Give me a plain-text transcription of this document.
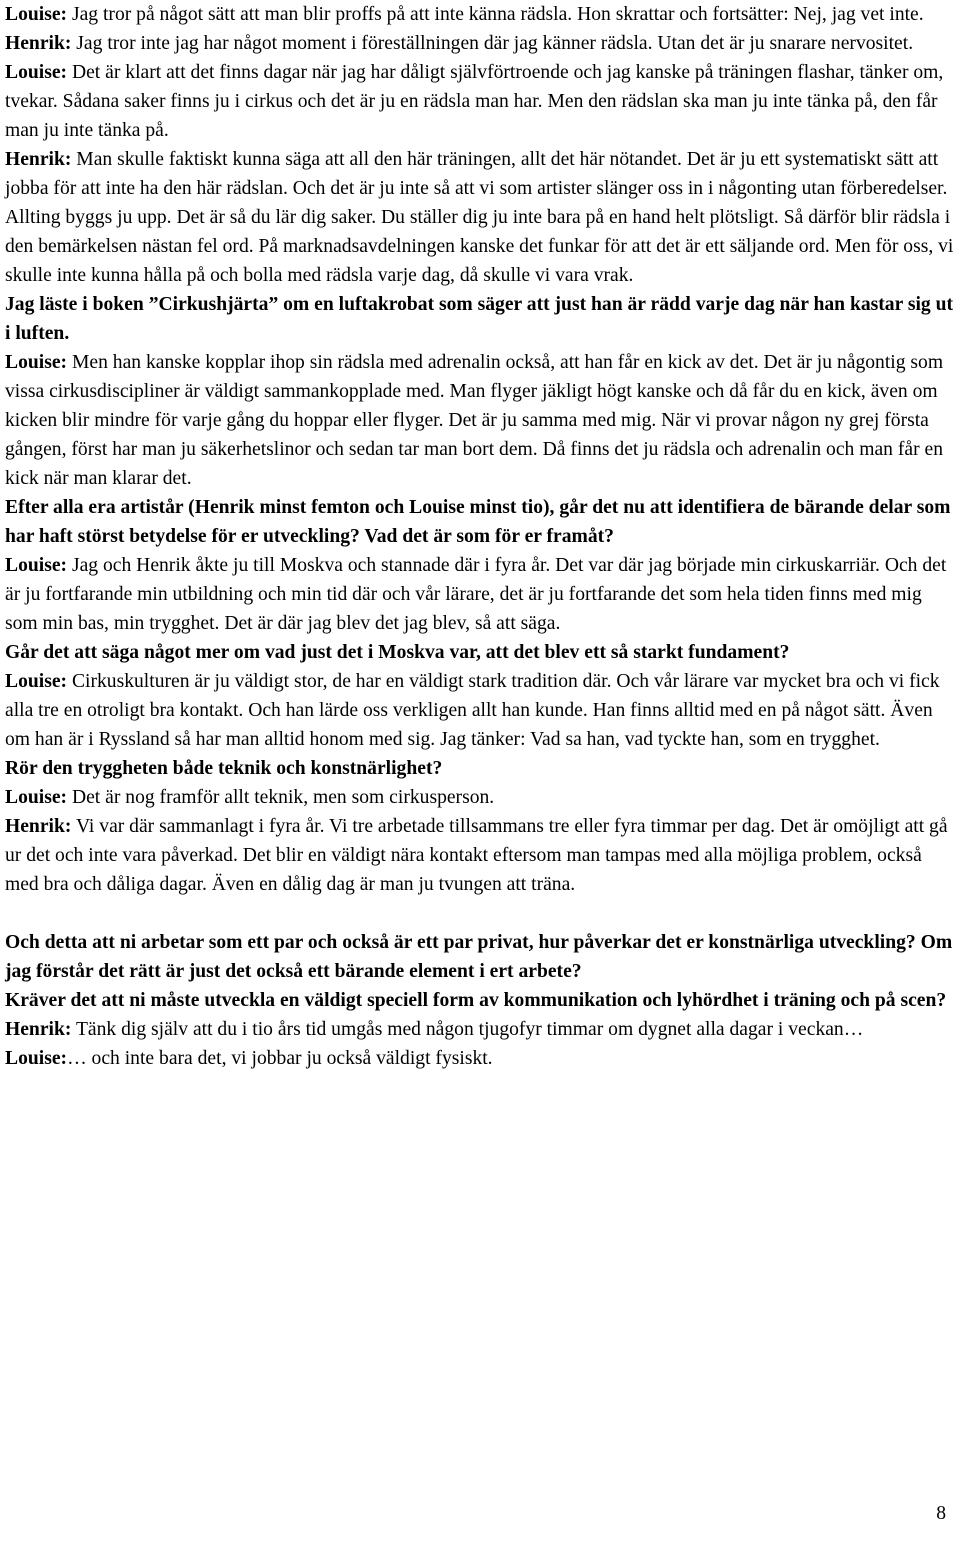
Louise: Jag tror på något sätt att man blir proffs på att inte känna rädsla. Hon skrattar och fortsätter: Nej, jag vet inte.

Henrik: Jag tror inte jag har något moment i föreställningen där jag känner rädsla. Utan det är ju snarare nervositet.

Louise: Det är klart att det finns dagar när jag har dåligt självförtroende och jag kanske på träningen flashar, tänker om, tvekar. Sådana saker finns ju i cirkus och det är ju en rädsla man har. Men den rädslan ska man ju inte tänka på, den får man ju inte tänka på.

Henrik: Man skulle faktiskt kunna säga att all den här träningen, allt det här nötandet. Det är ju ett systematiskt sätt att jobba för att inte ha den här rädslan. Och det är ju inte så att vi som artister slänger oss in i någonting utan förberedelser. Allting byggs ju upp. Det är så du lär dig saker. Du ställer dig ju inte bara på en hand helt plötsligt. Så därför blir rädsla i den bemärkelsen nästan fel ord. På marknadsavdelningen kanske det funkar för att det är ett säljande ord. Men för oss, vi skulle inte kunna hålla på och bolla med rädsla varje dag, då skulle vi vara vrak.

Jag läste i boken ”Cirkushjärta” om en luftakrobat som säger att just han är rädd varje dag när han kastar sig ut i luften.

Louise: Men han kanske kopplar ihop sin rädsla med adrenalin också, att han får en kick av det. Det är ju någontig som vissa cirkusdiscipliner är väldigt sammankopplade med. Man flyger jäkligt högt kanske och då får du en kick, även om kicken blir mindre för varje gång du hoppar eller flyger. Det är ju samma med mig. När vi provar någon ny grej första gången, först har man ju säkerhetslinor och sedan tar man bort dem. Då finns det ju rädsla och adrenalin och man får en kick när man klarar det.

Efter alla era artistår (Henrik minst femton och Louise minst tio), går det nu att identifiera de bärande delar som har haft störst betydelse för er utveckling? Vad det är som för er framåt?

Louise: Jag och Henrik åkte ju till Moskva och stannade där i fyra år. Det var där jag började min cirkuskarriär. Och det är ju fortfarande min utbildning och min tid där och vår lärare, det är ju fortfarande det som hela tiden finns med mig som min bas, min trygghet. Det är där jag blev det jag blev, så att säga.

Går det att säga något mer om vad just det i Moskva var, att det blev ett så starkt fundament?

Louise: Cirkuskulturen är ju väldigt stor, de har en väldigt stark tradition där. Och vår lärare var mycket bra och vi fick alla tre en otroligt bra kontakt. Och han lärde oss verkligen allt han kunde. Han finns alltid med en på något sätt. Även om han är i Ryssland så har man alltid honom med sig. Jag tänker: Vad sa han, vad tyckte han, som en trygghet.

Rör den tryggheten både teknik och konstnärlighet?

Louise: Det är nog framför allt teknik, men som cirkusperson.

Henrik: Vi var där sammanlagt i fyra år. Vi tre arbetade tillsammans tre eller fyra timmar per dag. Det är omöjligt att gå ur det och inte vara påverkad. Det blir en väldigt nära kontakt eftersom man tampas med alla möjliga problem, också med bra och dåliga dagar. Även en dålig dag är man ju tvungen att träna.

Och detta att ni arbetar som ett par och också är ett par privat, hur påverkar det er konstnärliga utveckling? Om jag förstår det rätt är just det också ett bärande element i ert arbete?

Kräver det att ni måste utveckla en väldigt speciell form av kommunikation och lyhördhet i träning och på scen?

Henrik: Tänk dig själv att du i tio års tid umgås med någon tjugofyr timmar om dygnet alla dagar i veckan…

Louise:… och inte bara det, vi jobbar ju också väldigt fysiskt.

8
